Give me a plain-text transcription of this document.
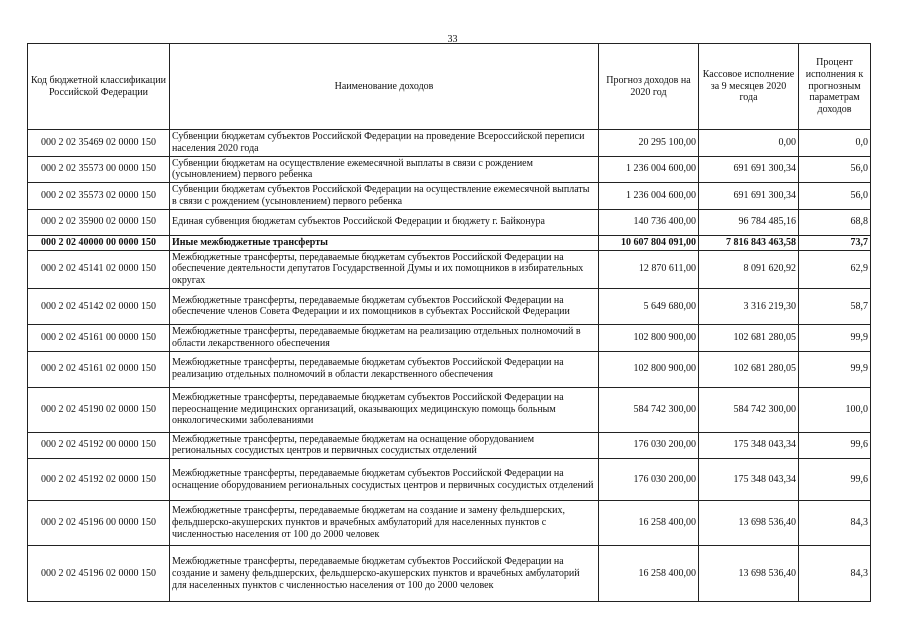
33
Код бюджетной классификации Российской Федерации	Наименование доходов	Прогноз доходов на 2020 год	Кассовое исполнение за 9 месяцев 2020 года	Процент исполнения к прогнозным параметрам доходов
000 2 02 35469 02 0000 150	Субвенции бюджетам субъектов Российской Федерации на проведение Всероссийской переписи населения 2020 года	20 295 100,00	0,00	0,0
000 2 02 35573 00 0000 150	Субвенции бюджетам на осуществление ежемесячной выплаты в связи с рождением (усыновлением) первого ребенка	1 236 004 600,00	691 691 300,34	56,0
000 2 02 35573 02 0000 150	Субвенции бюджетам субъектов Российской Федерации на осуществление ежемесячной выплаты в связи с рождением (усыновлением) первого ребенка	1 236 004 600,00	691 691 300,34	56,0
000 2 02 35900 02 0000 150	Единая субвенция бюджетам субъектов Российской Федерации и бюджету г. Байконура	140 736 400,00	96 784 485,16	68,8
000 2 02 40000 00 0000 150	Иные межбюджетные трансферты	10 607 804 091,00	7 816 843 463,58	73,7
000 2 02 45141 02 0000 150	Межбюджетные трансферты, передаваемые бюджетам субъектов Российской Федерации на обеспечение деятельности депутатов Государственной Думы и их помощников в избирательных округах	12 870 611,00	8 091 620,92	62,9
000 2 02 45142 02 0000 150	Межбюджетные трансферты, передаваемые бюджетам субъектов Российской Федерации на обеспечение членов Совета Федерации и их помощников в субъектах Российской Федерации	5 649 680,00	3 316 219,30	58,7
000 2 02 45161 00 0000 150	Межбюджетные трансферты, передаваемые бюджетам на реализацию отдельных полномочий в области лекарственного обеспечения	102 800 900,00	102 681 280,05	99,9
000 2 02 45161 02 0000 150	Межбюджетные трансферты, передаваемые бюджетам субъектов Российской Федерации на реализацию отдельных полномочий в области лекарственного обеспечения	102 800 900,00	102 681 280,05	99,9
000 2 02 45190 02 0000 150	Межбюджетные трансферты, передаваемые бюджетам субъектов Российской Федерации на переоснащение медицинских организаций, оказывающих медицинскую помощь больным онкологическими заболеваниями	584 742 300,00	584 742 300,00	100,0
000 2 02 45192 00 0000 150	Межбюджетные трансферты, передаваемые бюджетам на оснащение оборудованием региональных сосудистых центров и первичных сосудистых отделений	176 030 200,00	175 348 043,34	99,6
000 2 02 45192 02 0000 150	Межбюджетные трансферты, передаваемые бюджетам субъектов Российской Федерации на оснащение оборудованием региональных сосудистых центров и первичных сосудистых отделений	176 030 200,00	175 348 043,34	99,6
000 2 02 45196 00 0000 150	Межбюджетные трансферты, передаваемые бюджетам на создание и замену фельдшерских, фельдшерско-акушерских пунктов и врачебных амбулаторий для населенных пунктов с численностью населения от 100 до 2000 человек	16 258 400,00	13 698 536,40	84,3
000 2 02 45196 02 0000 150	Межбюджетные трансферты, передаваемые бюджетам субъектов Российской Федерации на создание и замену фельдшерских, фельдшерско-акушерских пунктов и врачебных амбулаторий для населенных пунктов с численностью населения от 100 до 2000 человек	16 258 400,00	13 698 536,40	84,3
